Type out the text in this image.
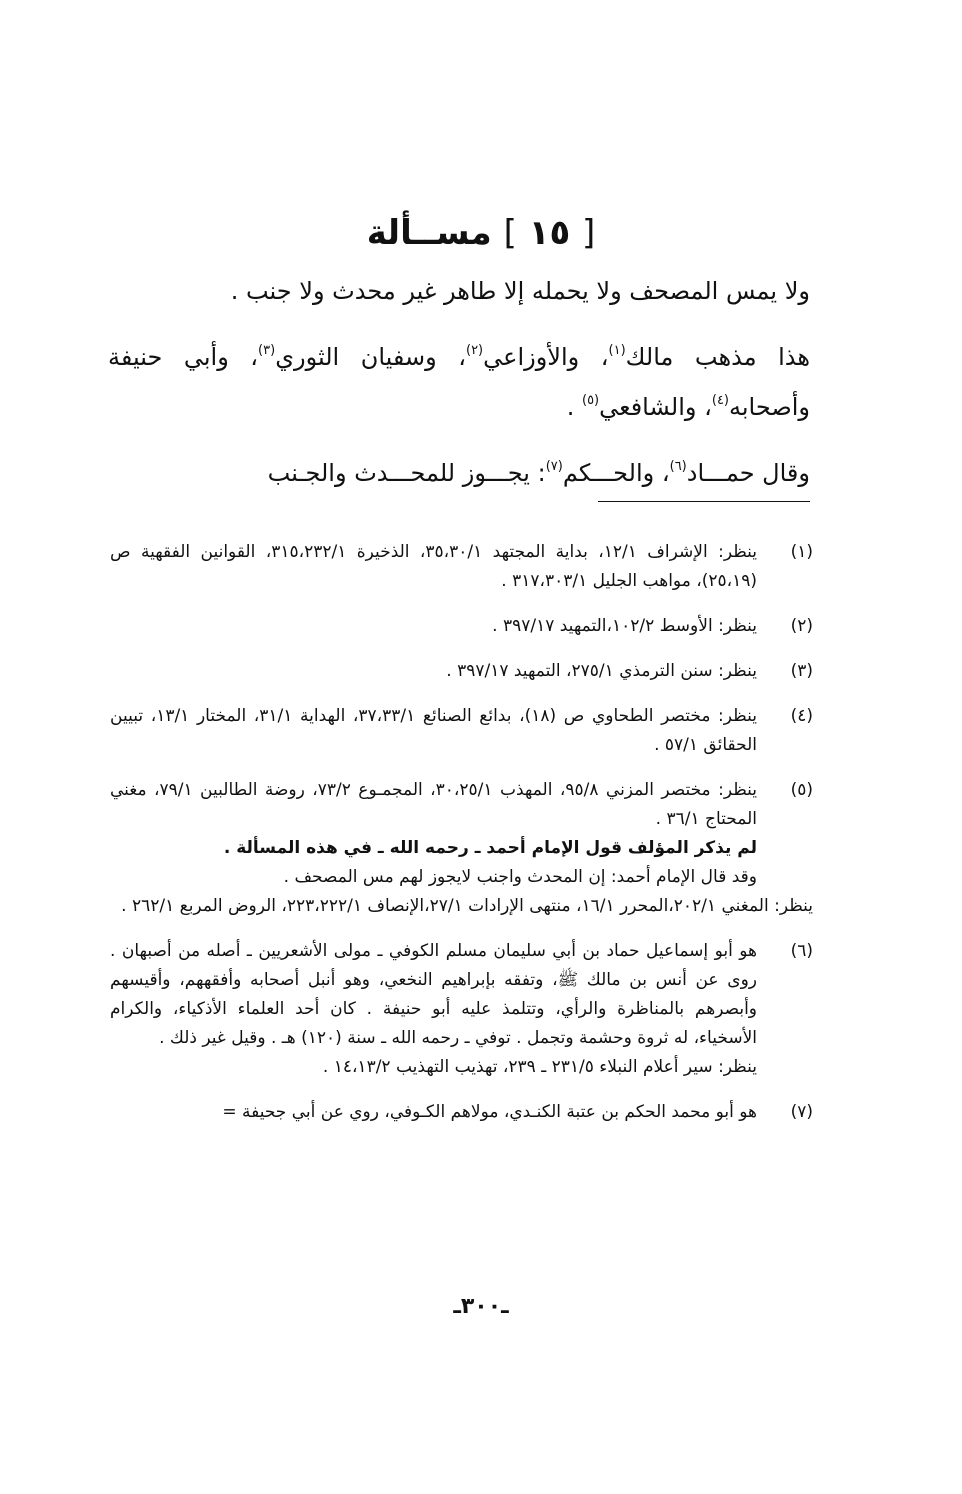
[ ١٥ ] مســألة

ولا يمس المصحف ولا يحمله إلا طاهر غير محدث ولا جنب .

هذا مذهب مالك$^{(١)}$، والأوزاعي$^{(٢)}$، وسفيان الثوري$^{(٣)}$، وأبي حنيفة وأصحابه$^{(٤)}$، والشافعي$^{(٥)}$ .

وقال حمـــاد$^{(٦)}$، والحـــكم$^{(٧)}$: يجـــوز للمحـــدث والجـنب

(١)
ينظر: الإشراف ١٢/١، بداية المجتهد ٣٥،٣٠/١، الذخيرة ٣١٥،٢٣٢/١، القوانين الفقهية ص (٢٥،١٩)، مواهب الجليل ٣١٧،٣٠٣/١ .
(٢)
ينظر: الأوسط ١٠٢/٢،التمهيد ٣٩٧/١٧ .
(٣)
ينظر: سنن الترمذي ٢٧٥/١، التمهيد ٣٩٧/١٧ .
(٤)
ينظر: مختصر الطحاوي ص (١٨)، بدائع الصنائع ٣٧،٣٣/١، الهداية ٣١/١، المختار ١٣/١، تبيين الحقائق ٥٧/١ .
(٥)
ينظر: مختصر المزني ٩٥/٨، المهذب ٣٠،٢٥/١، المجمـوع ٧٣/٢، روضة الطالبين ٧٩/١، مغني المحتاج ٣٦/١ .
لم يذكر المؤلف قول الإمام أحمد ـ رحمه الله ـ في هذه المسألة .
وقد قال الإمام أحمد: إن المحدث واجنب لايجوز لهم مس المصحف .
ينظر: المغني ٢٠٢/١،المحرر ١٦/١، منتهى الإرادات ٢٧/١،الإنصاف ٢٢٣،٢٢٢/١، الروض المربع ٢٦٢/١ .
(٦)
هو أبو إسماعيل حماد بن أبي سليمان مسلم الكوفي ـ مولى الأشعريين ـ أصله من أصبهان . روى عن أنس بن مالك ﷺ، وتفقه بإبراهيم النخعي، وهو أنبل أصحابه وأفقههم، وأقيسهم وأبصرهم بالمناظرة والرأي، وتتلمذ عليه أبو حنيفة . كان أحد العلماء الأذكياء، والكرام الأسخياء، له ثروة وحشمة وتجمل . توفي ـ رحمه الله ـ سنة (١٢٠) هـ . وقيل غير ذلك .
ينظر: سير أعلام النبلاء ٢٣١/٥ ـ ٢٣٩، تهذيب التهذيب ١٤،١٣/٢ .
(٧)
هو أبو محمد الحكم بن عتبة الكنـدي، مولاهم الكـوفي، روي عن أبي جحيفة =
ـ٣٠٠ـ
